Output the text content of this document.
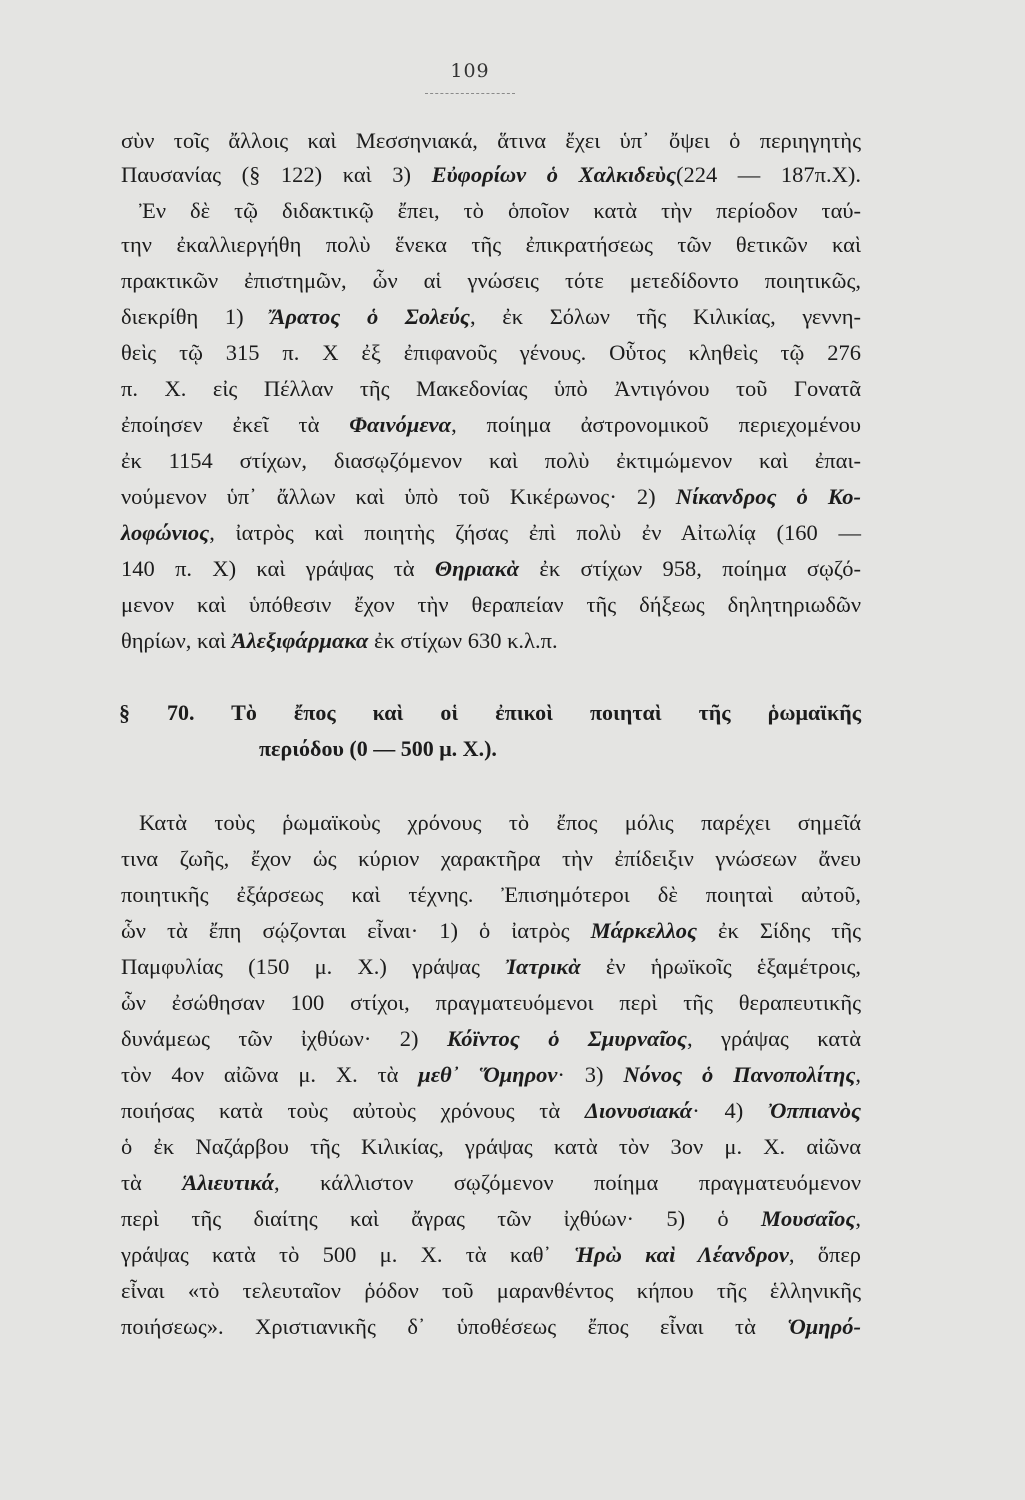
109
σὺν τοῖς ἄλλοις καὶ Μεσσηνιακά, ἅτινα ἔχει ὑπ᾿ ὄψει ὁ περιηγητὴς
Παυσανίας (§ 122) καὶ 3) Εὐφορίων ὁ Χαλκιδεὺς(224 — 187π.Χ).
Ἐν δὲ τῷ διδακτικῷ ἔπει, τὸ ὁποῖον κατὰ τὴν περίοδον ταύ-
την ἐκαλλιεργήθη πολὺ ἕνεκα τῆς ἐπικρατήσεως τῶν θετικῶν καὶ
πρακτικῶν ἐπιστημῶν, ὧν αἱ γνώσεις τότε μετεδίδοντο ποιητικῶς,
διεκρίθη 1) Ἄρατος ὁ Σολεύς, ἐκ Σόλων τῆς Κιλικίας, γεννη-
θεὶς τῷ 315 π. Χ ἐξ ἐπιφανοῦς γένους. Οὗτος κληθεὶς τῷ 276
π. Χ. εἰς Πέλλαν τῆς Μακεδονίας ὑπὸ Ἀντιγόνου τοῦ Γονατᾶ
ἐποίησεν ἐκεῖ τὰ Φαινόμενα, ποίημα ἀστρονομικοῦ περιεχομένου
ἐκ 1154 στίχων, διασῳζόμενον καὶ πολὺ ἐκτιμώμενον καὶ ἐπαι-
νούμενον ὑπ᾿ ἄλλων καὶ ὑπὸ τοῦ Κικέρωνος· 2) Νίκανδρος ὁ Κο-
λοφώνιος, ἰατρὸς καὶ ποιητὴς ζήσας ἐπὶ πολὺ ἐν Αἰτωλίᾳ (160 —
140 π. Χ) καὶ γράψας τὰ Θηριακὰ ἐκ στίχων 958, ποίημα σῳζό-
μενον καὶ ὑπόθεσιν ἔχον τὴν θεραπείαν τῆς δήξεως δηλητηριωδῶν
θηρίων, καὶ Ἀλεξιφάρμακα ἐκ στίχων 630 κ.λ.π.
§ 70. Τὸ ἔπος καὶ οἱ ἐπικοὶ ποιηταὶ τῆς ῥωμαϊκῆς
περιόδου (0 — 500 μ. Χ.).
Κατὰ τοὺς ῥωμαϊκοὺς χρόνους τὸ ἔπος μόλις παρέχει σημεῖά
τινα ζωῆς, ἔχον ὡς κύριον χαρακτῆρα τὴν ἐπίδειξιν γνώσεων ἄνευ
ποιητικῆς ἐξάρσεως καὶ τέχνης. Ἐπισημότεροι δὲ ποιηταὶ αὐτοῦ,
ὧν τὰ ἔπη σῴζονται εἶναι· 1) ὁ ἰατρὸς Μάρκελλος ἐκ Σίδης τῆς
Παμφυλίας (150 μ. Χ.) γράψας Ἰατρικὰ ἐν ἡρωϊκοῖς ἑξαμέτροις,
ὧν ἐσώθησαν 100 στίχοι, πραγματευόμενοι περὶ τῆς θεραπευτικῆς
δυνάμεως τῶν ἰχθύων· 2) Κόϊντος ὁ Σμυρναῖος, γράψας κατὰ
τὸν 4ον αἰῶνα μ. Χ. τὰ μεθ᾿ Ὅμηρον· 3) Νόνος ὁ Πανοπολίτης,
ποιήσας κατὰ τοὺς αὐτοὺς χρόνους τὰ Διονυσιακά· 4) Ὀππιανὸς
ὁ ἐκ Ναζάρβου τῆς Κιλικίας, γράψας κατὰ τὸν 3ον μ. Χ. αἰῶνα
τὰ Ἁλιευτικά, κάλλιστον σῳζόμενον ποίημα πραγματευόμενον
περὶ τῆς διαίτης καὶ ἄγρας τῶν ἰχθύων· 5) ὁ Μουσαῖος,
γράψας κατὰ τὸ 500 μ. Χ. τὰ καθ᾿ Ἡρὼ καὶ Λέανδρον, ὅπερ
εἶναι «τὸ τελευταῖον ῥόδον τοῦ μαρανθέντος κήπου τῆς ἑλληνικῆς
ποιήσεως». Χριστιανικῆς δ᾿ ὑποθέσεως ἔπος εἶναι τὰ Ὁμηρό-
